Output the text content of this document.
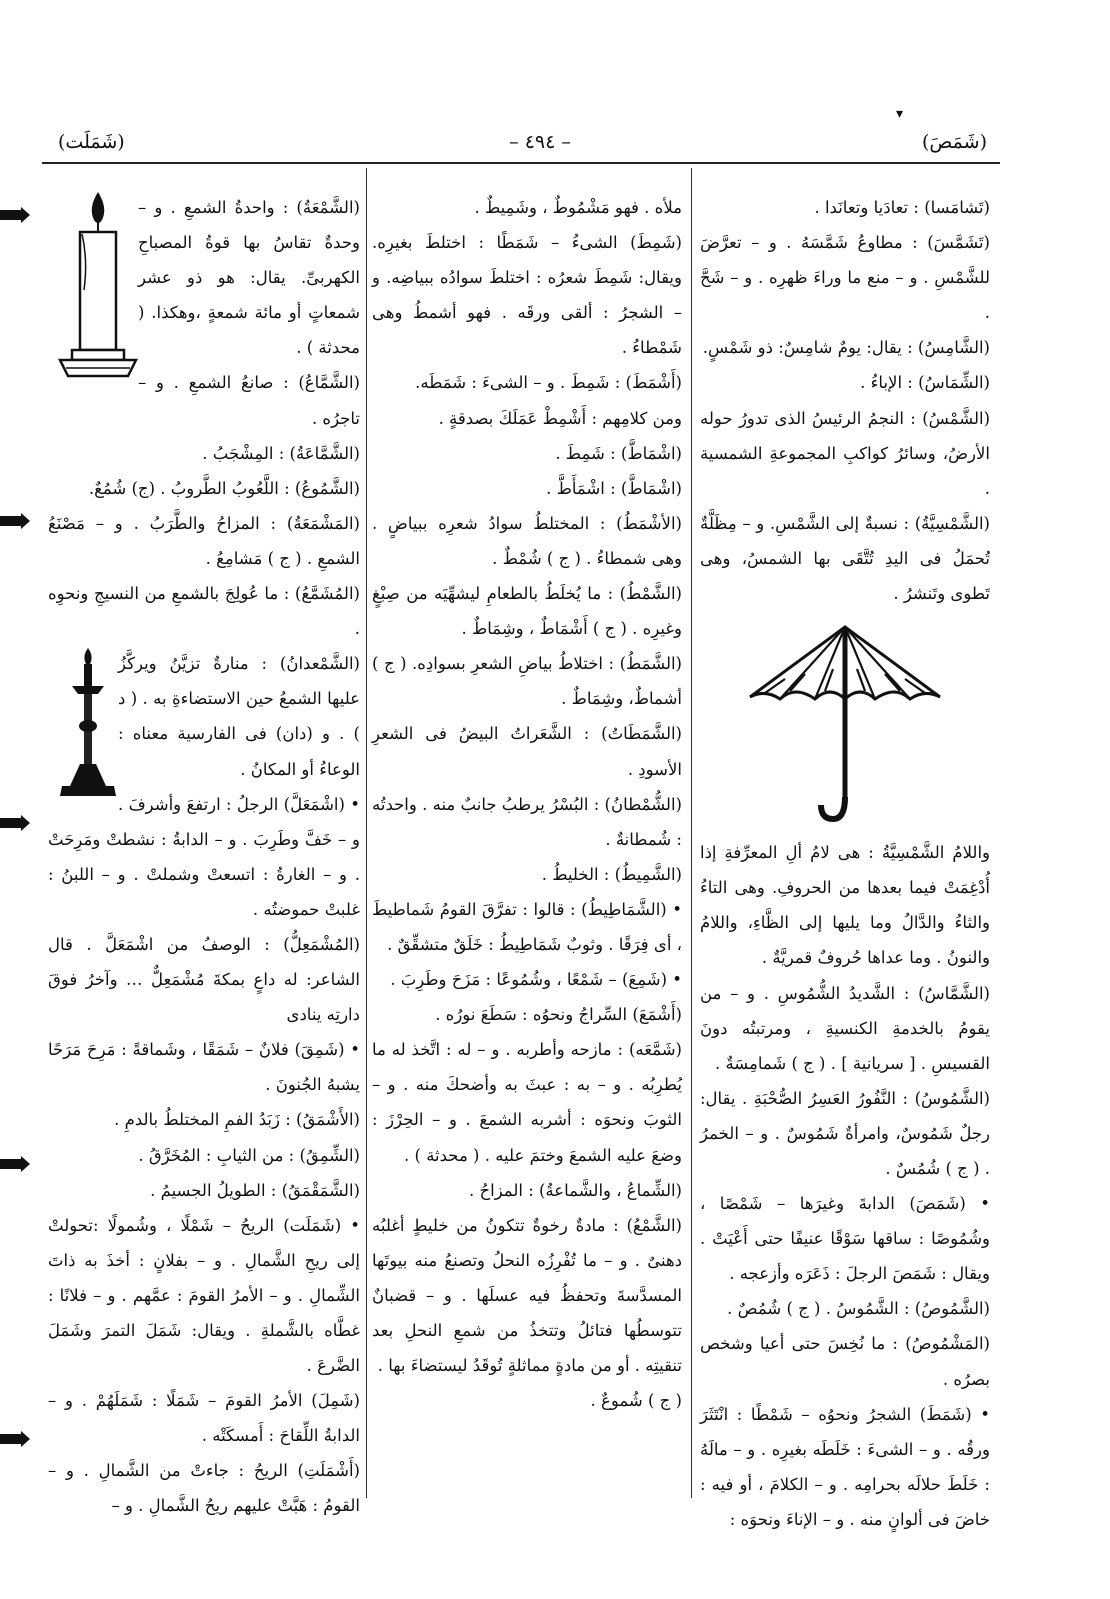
▾
(شَمَصَ)
– ٤٩٤ –
(شَمَلَت)

(تَشامَسا) : تعادَيا وتعانَدا .

(تَشَمَّسَ) : مطاوعُ شَمَّسَهُ . و – تعرَّضَ للشَّمْسِ . و – منع ما وراءَ ظهرِه . و – شَحَّ .

(الشَّامِسُ) : يقال: يومٌ شامِسٌ: ذو شَمْسٍ.

(الشِّمَاسُ) : الإباءُ .

(الشَّمْسُ) : النجمُ الرئيسُ الذى تدورُ حوله الأرضُ، وسائرُ كواكبِ المجموعةِ الشمسية .

(الشَّمْسِيَّةُ) : نسبةٌ إلى الشَّمْسِ. و – مِظَلَّةٌ تُحمَلُ فى اليدِ تُتَّقَى بها الشمسُ، وهى تَطوى وتَنشرُ .

واللامُ الشَّمْسِيَّةُ : هى لامُ ألِ المعرِّفةِ إذا أُدْغِمَتْ فيما بعدها من الحروفِ. وهى التاءُ والثاءُ والدَّالُ وما يليها إلى الظَّاءِ، واللامُ والنونُ . وما عداها حُروفٌ قمريَّةٌ .

(الشَّمَّاسُ) : الشَّديدُ الشُّمُوسِ . و – من يقومُ بالخدمةِ الكنسيةِ ، ومرتبتُه دونَ القسيسِ . [ سريانية ] . ( ج ) شَمامِسَةٌ .

(الشَّمُوسُ) : النَّفُورُ العَسِرُ الصُّحْبَةِ . يقال: رجلٌ شَمُوسٌ، وامرأةٌ شَمُوسٌ . و – الخمرُ . ( ج ) شُمُسٌ .

• (شَمَصَ) الدابةَ وغيرَها – شَمْصًا ، وشُمُوصًا : ساقها سَوْقًا عنيفًا حتى أَعْيَتْ . ويقال : شَمَصَ الرجلَ : ذَعَرَه وأزعجه .

(الشَّمُوصُ) : الشَّمُوسُ . ( ج ) شُمُصٌ .

(المَشْمُوصُ) : ما نُخِسَ حتى أعيا وشخص بصرُه .

• (شَمَطَ) الشجرُ ونحوُه – شَمْطًا : انْتَثَرَ ورقُه . و – الشىءَ : خَلَطَه بغيرِه . و – مالَهُ : خَلَطَ حلالَه بحرامِه . و – الكلامَ ، أو فيه : خاضَ فى ألوانٍ منه . و – الإناءَ ونحوَه :

ملأه . فهو مَشْمُوطٌ ، وشَمِيطٌ .

(شَمِطَ) الشىءُ – شَمَطًا : اختلطَ بغيرِه. ويقال: شَمِطَ شعرُه : اختلطَ سوادُه ببياضِه. و – الشجرُ : ألقى ورقَه . فهو أشمطُ وهى شَمْطاءُ .

(أَشْمَطَ) : شَمِطَ . و – الشىءَ : شَمَطَه.

ومن كلامِهم : أَشْمِطْ عَمَلَكَ بصدقةٍ .

(اشْمَاطَّ) : شَمِطَ .

(اشْمَاطَّ) : اشْمَأَطَّ .

(الأشْمَطُ) : المختلطُ سوادُ شعرِه ببياضٍ . وهى شمطاءُ . ( ج ) شُمْطٌ .

(الشَّمْطُ) : ما يُخلَطُ بالطعامِ ليشهِّيَه من صِبْغٍ وغيرِه . ( ج ) أَشْمَاطٌ ، وشِمَاطٌ .

(الشَّمَطُ) : اختلاطُ بياضِ الشعرِ بسوادِه. ( ج ) أشماطٌ، وشِمَاطٌ .

(الشَّمَطَاتُ) : الشَّعَراتُ البيضُ فى الشعرِ الأسودِ .

(الشُّمْطانُ) : البُسْرُ يرطبُ جانبٌ منه . واحدتُه : شُمطانةٌ .

(الشَّمِيطُ) : الخليطُ .

• (الشَّمَاطِيطُ) : قالوا : تفرَّقَ القومُ شَماطيطَ ، أى فِرَقًا . وثوبٌ شَمَاطِيطُ : خَلَقٌ متشقِّقٌ .

• (شَمِعَ) – شَمْعًا ، وشُمُوعًا : مَزَحَ وطَرِبَ .

(أَشْمَعَ) السِّراجُ ونحوُه : سَطَعَ نورُه .

(شَمَّعَه) : مازحه وأطربه . و – له : اتَّخذ له ما يُطرِبُه . و – به : عبثَ به وأضحكَ منه . و – الثوبَ ونحوَه : أشربه الشمعَ . و – الحِرْزَ : وضعَ عليه الشمعَ وختمَ عليه . ( محدثة ) .

(الشِّماعُ ، والشَّماعةُ) : المزاحُ .

(الشَّمْعُ) : مادةٌ رخوةٌ تتكونُ من خليطٍ أغلبُه دهنىٌ . و – ما تُفْرِزُه النحلُ وتصنعُ منه بيوتَها المسدَّسةَ وتحفظُ فيه عسلَها . و – قضبانٌ تتوسطُها فتائلُ وتتخذُ من شمعِ النحلِ بعد تنقيتِه . أو من مادةٍ مماثلةٍ تُوقَدُ ليستضاءَ بها .

( ج ) شُموعٌ .

(الشَّمْعَةُ) : واحدةُ الشمعِ . و – وحدةٌ تقاسُ بها قوةُ المصباحِ الكهربىِّ. يقال: هو ذو عشر شمعاتٍ أو مائة شمعةٍ ،وهكذا. ( محدثة ) .

(الشَّمَّاعُ) : صانعُ الشمعِ . و – تاجرُه .

(الشَّمَّاعَةُ) : المِشْجَبُ .

(الشَّمُوعُ) : اللَّعُوبُ الطَّروبُ . (ج) شُمُعٌ.

(المَشْمَعَةُ) : المزاحُ والطَّرَبُ . و – مَصْنَعُ الشمعِ . ( ج ) مَشامِعُ .

(المُشَمَّعُ) : ما عُولِجَ بالشمعِ من النسيجِ ونحوِه .

(الشَّمْعدانُ) : منارةٌ تزيَّنُ ويركَّزُ عليها الشمعُ حين الاستضاءةِ به . ( د ) . و (دان) فى الفارسية معناه : الوعاءُ أو المكانُ .

• (اشْمَعَلَّ) الرجلُ : ارتفعَ وأشرفَ . و – خَفَّ وطَرِبَ . و – الدابةُ : نشطتْ ومَرِحَتْ . و – الغارةُ : اتسعتْ وشملتْ . و – اللبنُ : غلبتْ حموضتُه .

(المُشْمَعِلُّ) : الوصفُ من اشْمَعَلَّ . قال الشاعر: له داعٍ بمكةَ مُشْمَعِلٌّ … وآخرُ فوقَ دارتِه ينادى

• (شَمِقَ) فلانٌ – شَمَقًا ، وشَماقةً : مَرِحَ مَرَحًا يشبهُ الجُنونَ .

(الأَشْمَقُ) : زَبَدُ الفمِ المختلطُ بالدمِ .

(الشِّمِقُ) : من الثيابِ : المُخَرَّقُ .

(الشَّمَقْمَقُ) : الطويلُ الجسيمُ .

• (شَمَلَت) الريحُ – شَمْلًا ، وشُمولًا :تحولتْ إلى ريحِ الشَّمالِ . و – بفلانٍ : أخذَ به ذاتَ الشِّمالِ . و – الأمرُ القومَ : عمَّهم . و – فلانًا : غطَّاه بالشَّملةِ . ويقال: شَمَلَ التمرَ وشَمَلَ الضَّرعَ .

(شَمِلَ) الأمرُ القومَ – شَمَلًا : شَمَلَهُمْ . و – الدابةُ اللِّقاحَ : أَمسكَتْه .

(أَشْمَلَتِ) الريحُ : جاءتْ من الشَّمالِ . و – القومُ : هَبَّتْ عليهم ريحُ الشَّمالِ . و –
